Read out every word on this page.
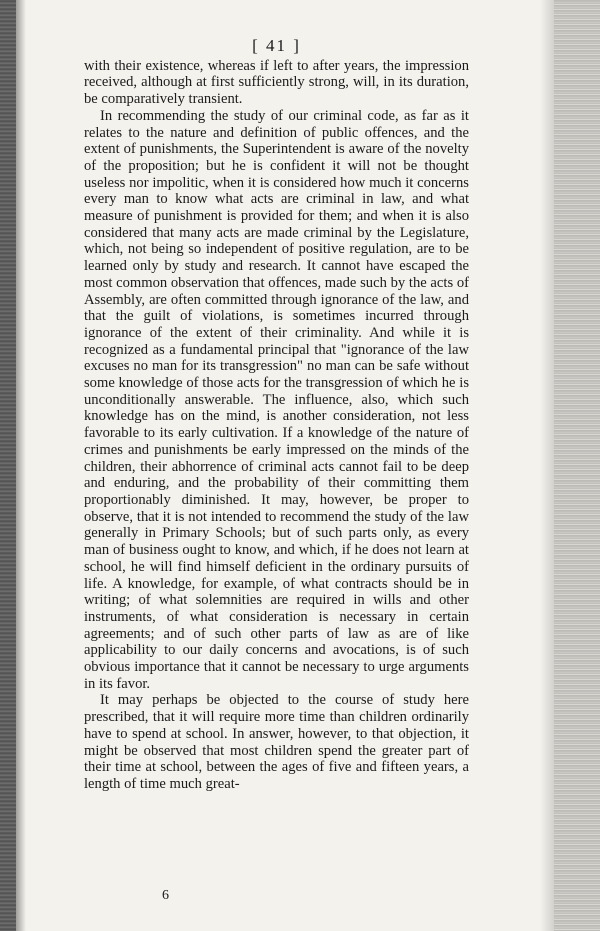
[ 41 ]

with their existence, whereas if left to after years, the impression received, although at first sufficiently strong, will, in its duration, be comparatively transient.

In recommending the study of our criminal code, as far as it relates to the nature and definition of public offences, and the extent of punishments, the Superintendent is aware of the novelty of the proposition; but he is confident it will not be thought useless nor impolitic, when it is considered how much it concerns every man to know what acts are criminal in law, and what measure of punishment is provided for them; and when it is also considered that many acts are made criminal by the Legislature, which, not being so independent of positive regulation, are to be learned only by study and research. It cannot have escaped the most common observation that offences, made such by the acts of Assembly, are often committed through ignorance of the law, and that the guilt of violations, is sometimes incurred through ignorance of the extent of their criminality. And while it is recognized as a fundamental principal that "ignorance of the law excuses no man for its transgression" no man can be safe without some knowledge of those acts for the transgression of which he is unconditionally answerable. The influence, also, which such knowledge has on the mind, is another consideration, not less favorable to its early cultivation. If a knowledge of the nature of crimes and punishments be early impressed on the minds of the children, their abhorrence of criminal acts cannot fail to be deep and enduring, and the probability of their committing them proportionably diminished. It may, however, be proper to observe, that it is not intended to recommend the study of the law generally in Primary Schools; but of such parts only, as every man of business ought to know, and which, if he does not learn at school, he will find himself deficient in the ordinary pursuits of life. A knowledge, for example, of what contracts should be in writing; of what solemnities are required in wills and other instruments, of what consideration is necessary in certain agreements; and of such other parts of law as are of like applicability to our daily concerns and avocations, is of such obvious importance that it cannot be necessary to urge arguments in its favor.

It may perhaps be objected to the course of study here prescribed, that it will require more time than children ordinarily have to spend at school. In answer, however, to that objection, it might be observed that most children spend the greater part of their time at school, between the ages of five and fifteen years, a length of time much great-

6
